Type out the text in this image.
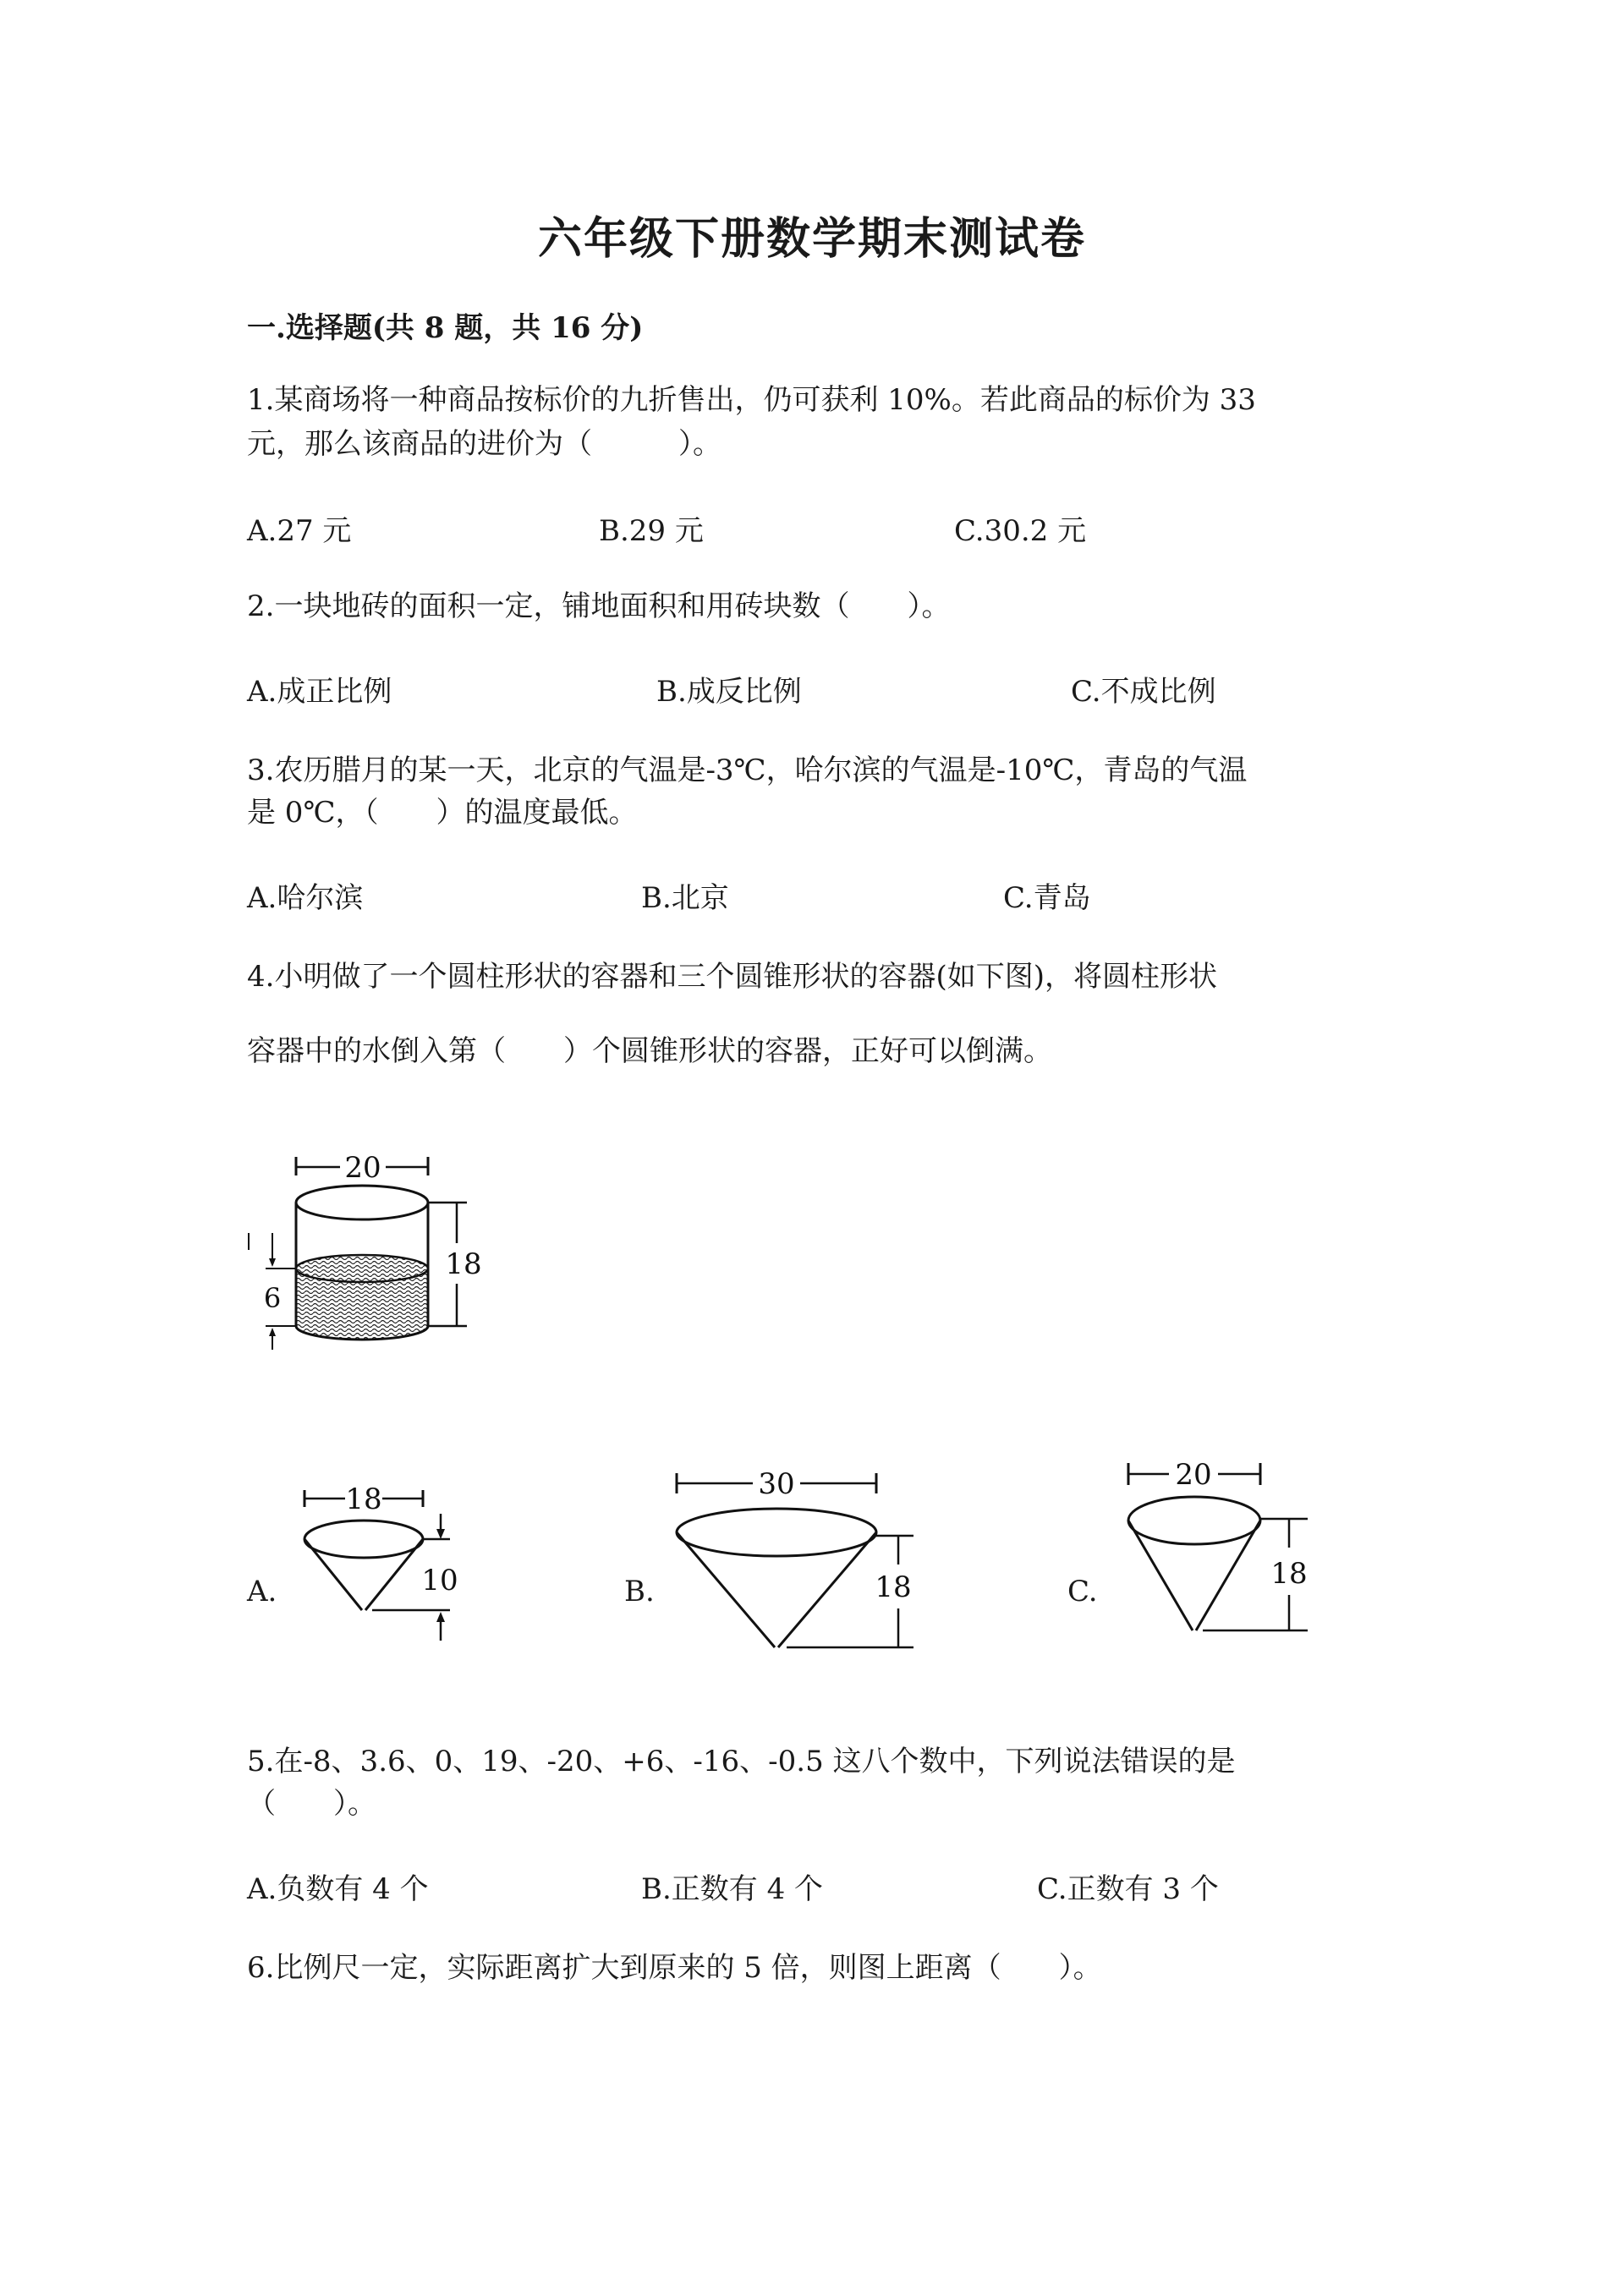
六年级下册数学期末测试卷
一.选择题(共 8 题，共 16 分)
1.某商场将一种商品按标价的九折售出，仍可获利 10%。若此商品的标价为 33
元，那么该商品的进价为（　　　）。
A.27 元	B.29 元	C.30.2 元
2.一块地砖的面积一定，铺地面积和用砖块数（　　）。
A.成正比例	B.成反比例	C.不成比例
3.农历腊月的某一天，北京的气温是-3℃，哈尔滨的气温是-10℃，青岛的气温
是 0℃，（　　）的温度最低。
A.哈尔滨	B.北京	C.青岛
4.小明做了一个圆柱形状的容器和三个圆锥形状的容器(如下图)，将圆柱形状
容器中的水倒入第（　　）个圆锥形状的容器，正好可以倒满。
20
18
6
A.
18
10	B.
30
18	C.
20
18
5.在-8、3.6、0、19、-20、+6、-16、-0.5 这八个数中，下列说法错误的是
（　　）。
A.负数有 4 个	B.正数有 4 个	C.正数有 3 个
6.比例尺一定，实际距离扩大到原来的 5 倍，则图上距离（　　）。
